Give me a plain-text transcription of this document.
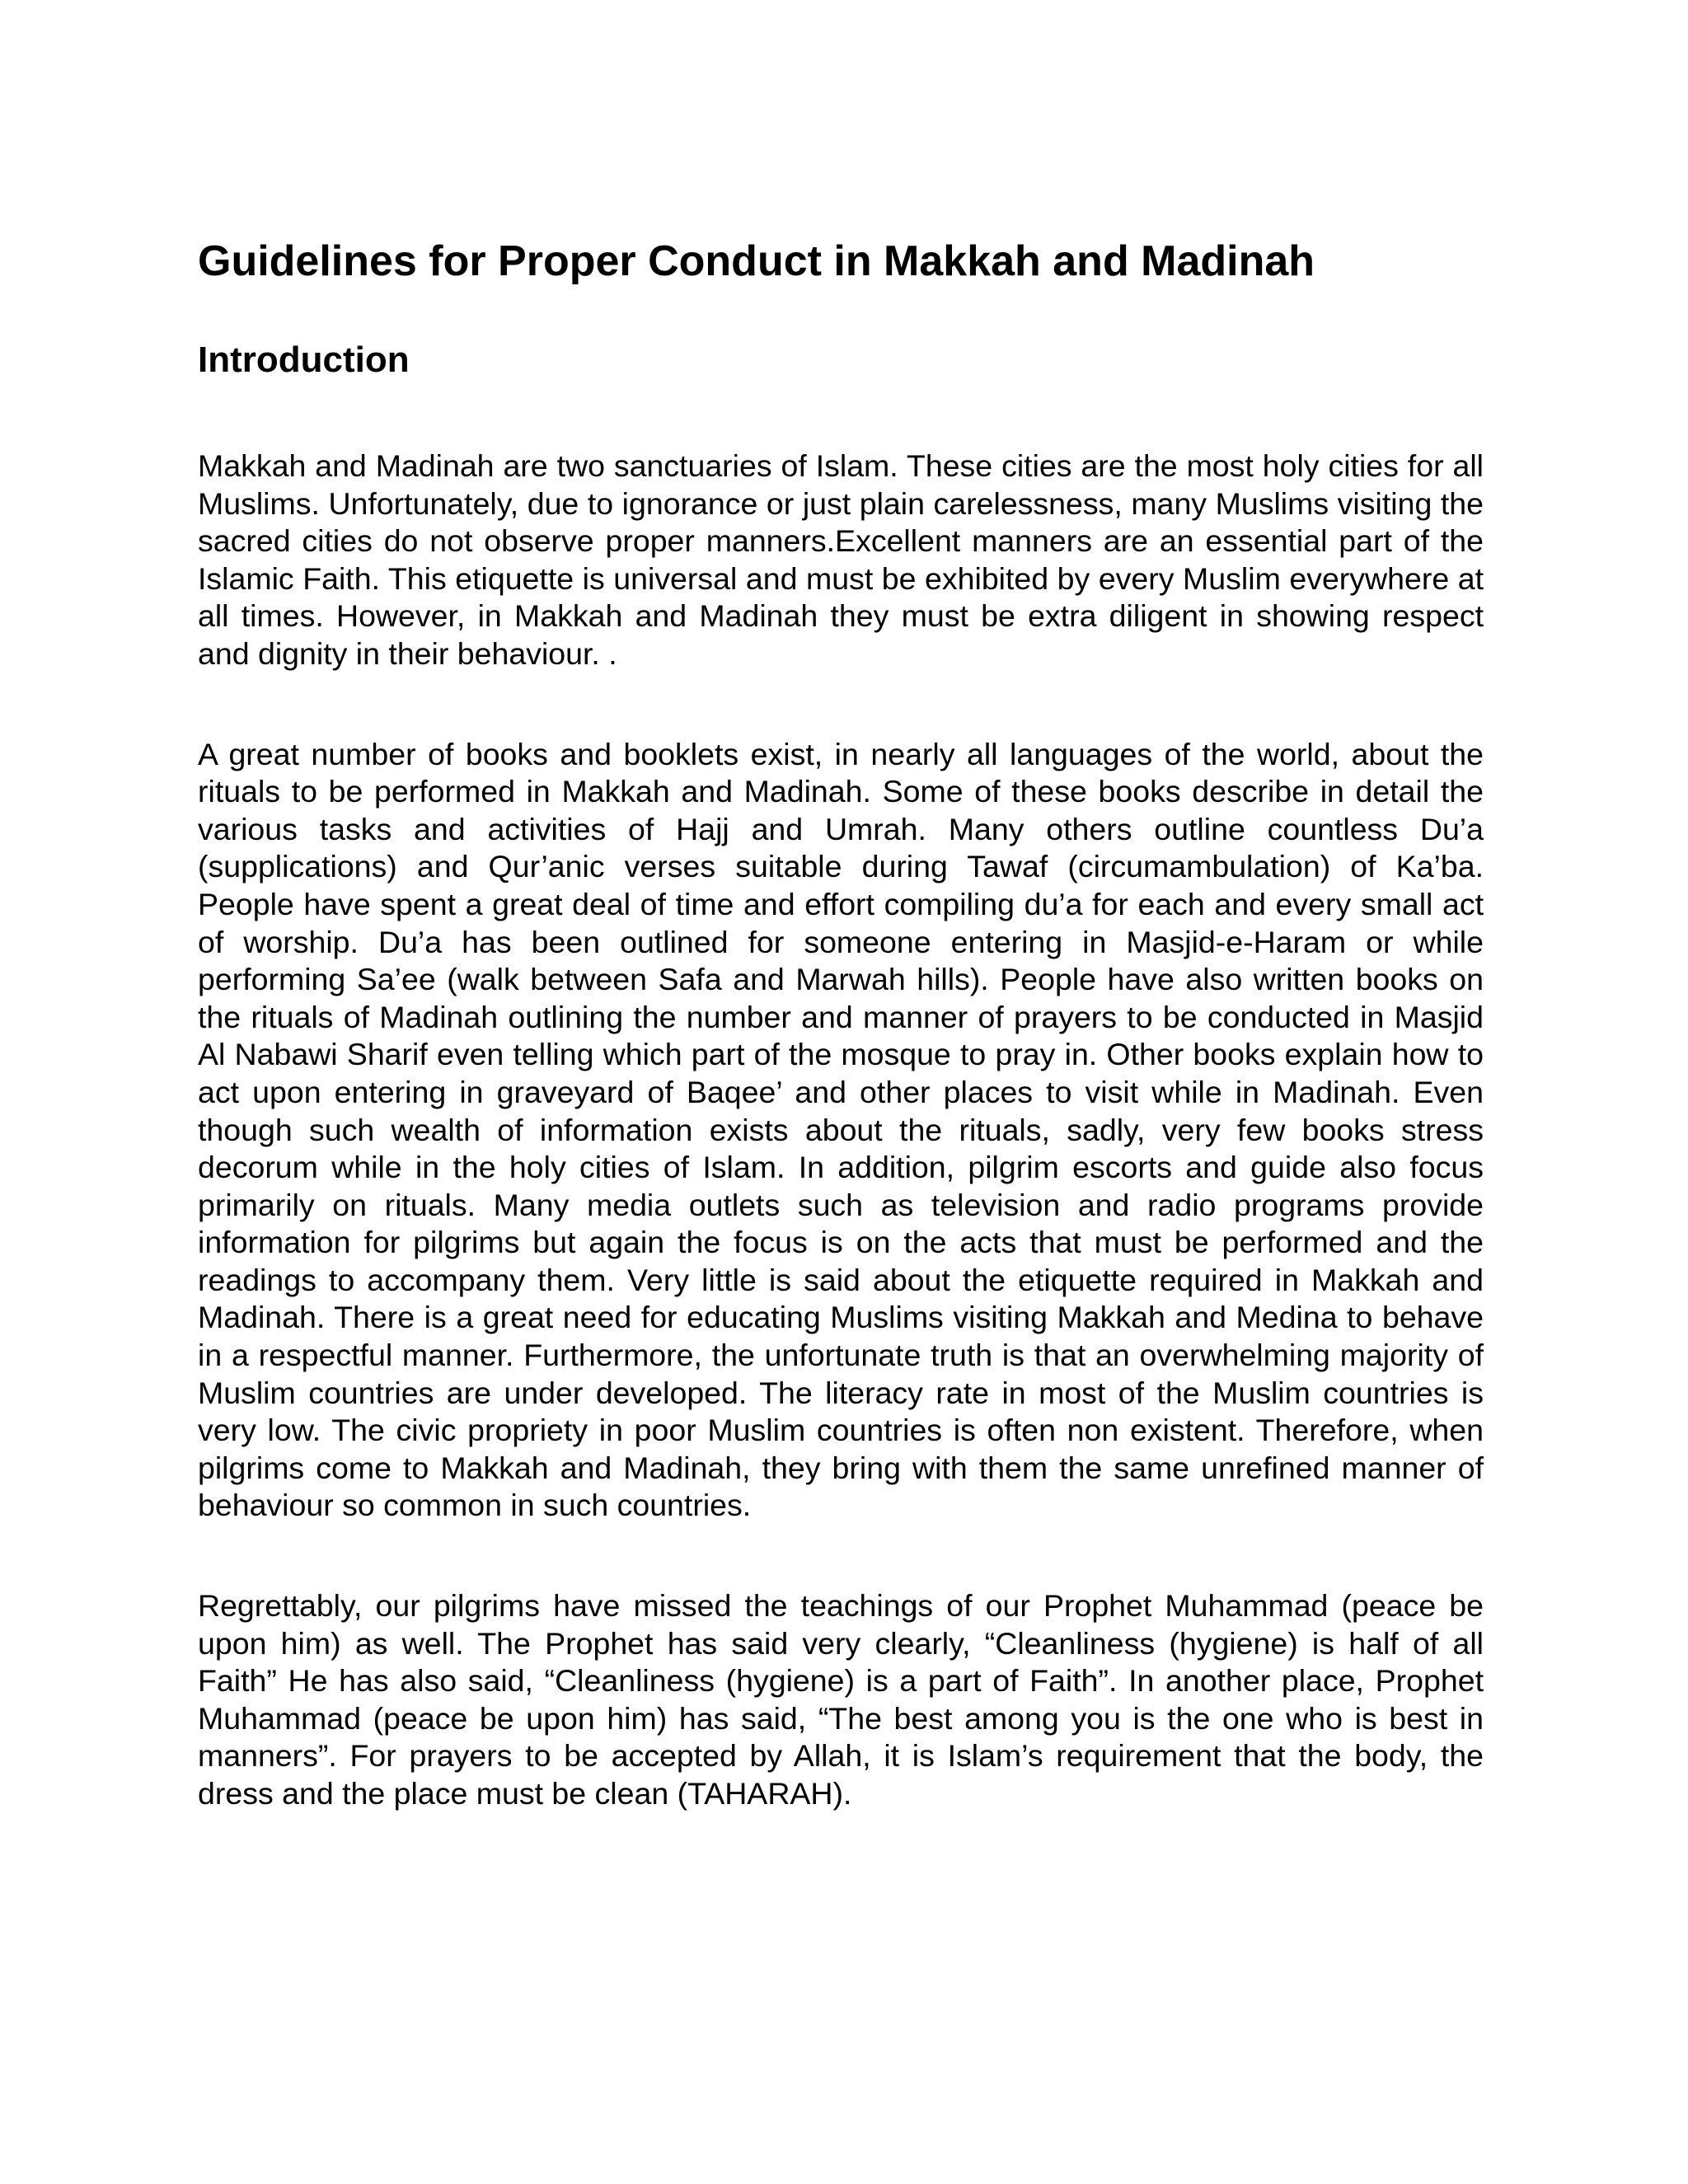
Guidelines for Proper Conduct in Makkah and Madinah
Introduction

Makkah and Madinah are two sanctuaries of Islam. These cities are the most holy cities for all Muslims. Unfortunately, due to ignorance or just plain carelessness, many Muslims visiting the sacred cities do not observe proper manners.Excellent manners are an essential part of the Islamic Faith. This etiquette is universal and must be exhibited by every Muslim everywhere at all times. However, in Makkah and Madinah they must be extra diligent in showing respect and dignity in their behaviour. .

A great number of books and booklets exist, in nearly all languages of the world, about the rituals to be performed in Makkah and Madinah. Some of these books describe in detail the various tasks and activities of Hajj and Umrah. Many others outline countless Du’a (supplications) and Qur’anic verses suitable during Tawaf (circumambulation) of Ka’ba. People have spent a great deal of time and effort compiling du’a for each and every small act of worship. Du’a has been outlined for someone entering in Masjid-e-Haram or while performing Sa’ee (walk between Safa and Marwah hills). People have also written books on the rituals of Madinah outlining the number and manner of prayers to be conducted in Masjid Al Nabawi Sharif even telling which part of the mosque to pray in. Other books explain how to act upon entering in graveyard of Baqee’ and other places to visit while in Madinah. Even though such wealth of information exists about the rituals, sadly, very few books stress decorum while in the holy cities of Islam. In addition, pilgrim escorts and guide also focus primarily on rituals. Many media outlets such as television and radio programs provide information for pilgrims but again the focus is on the acts that must be performed and the readings to accompany them. Very little is said about the etiquette required in Makkah and Madinah. There is a great need for educating Muslims visiting Makkah and Medina to behave in a respectful manner. Furthermore, the unfortunate truth is that an overwhelming majority of Muslim countries are under developed. The literacy rate in most of the Muslim countries is very low. The civic propriety in poor Muslim countries is often non existent. Therefore, when pilgrims come to Makkah and Madinah, they bring with them the same unrefined manner of behaviour so common in such countries.

Regrettably, our pilgrims have missed the teachings of our Prophet Muhammad (peace be upon him) as well. The Prophet has said very clearly, “Cleanliness (hygiene) is half of all Faith” He has also said, “Cleanliness (hygiene) is a part of Faith”. In another place, Prophet Muhammad (peace be upon him) has said, “The best among you is the one who is best in manners”. For prayers to be accepted by Allah, it is Islam’s requirement that the body, the dress and the place must be clean (TAHARAH).
